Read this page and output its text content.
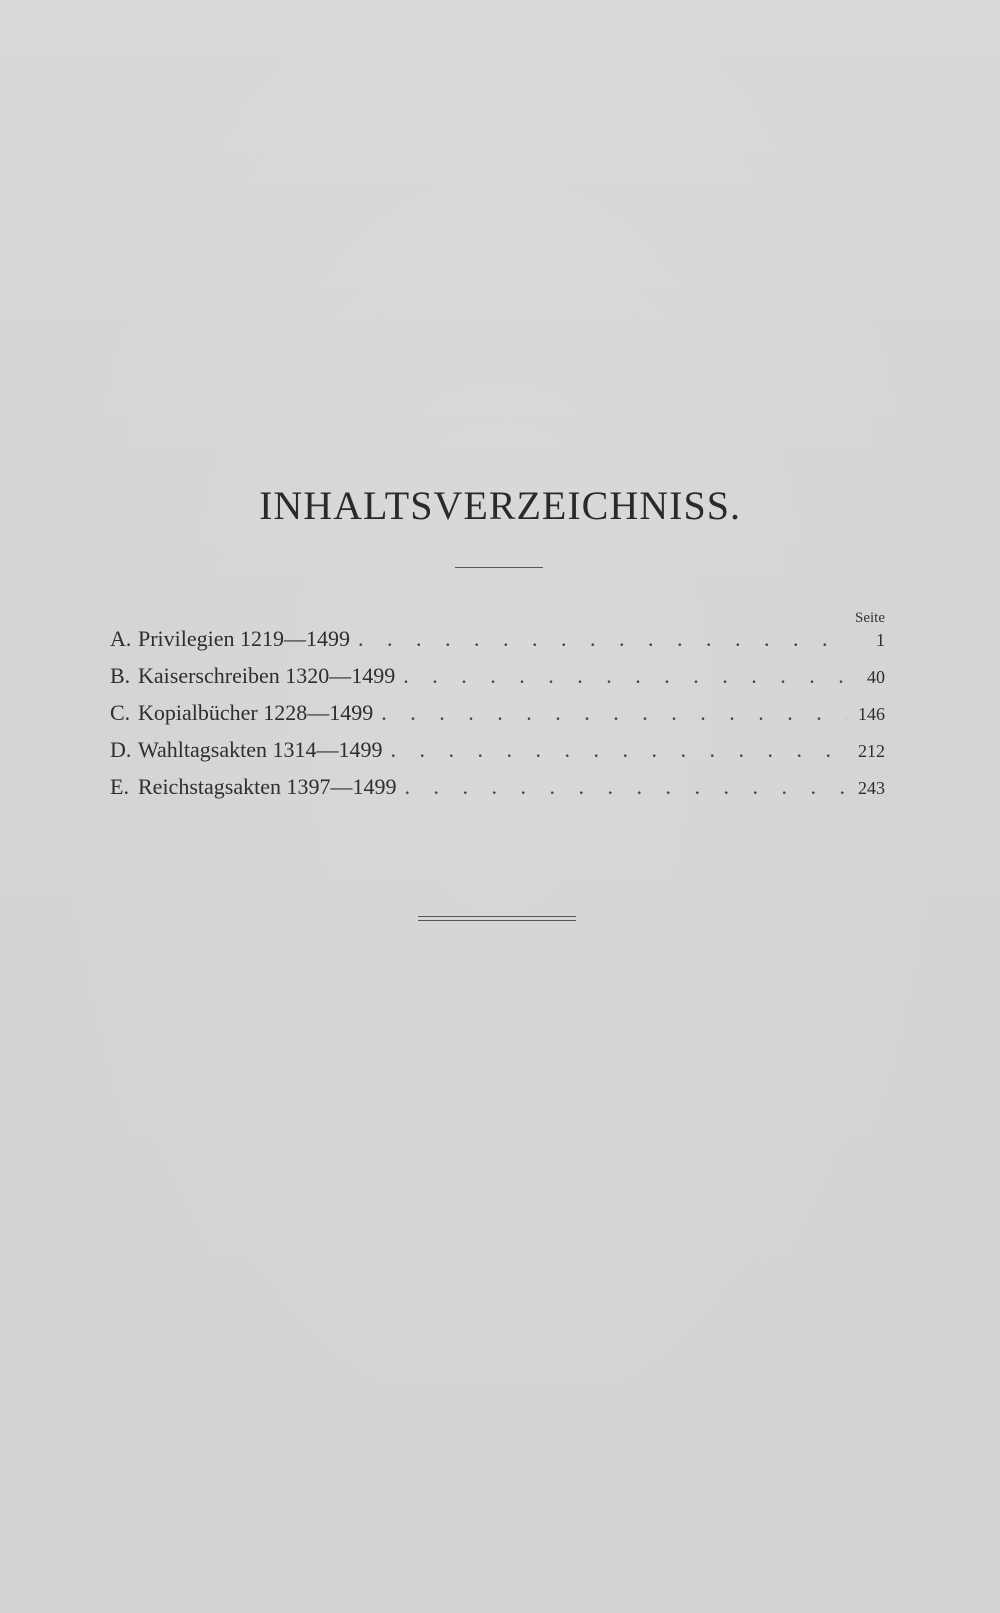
INHALTSVERZEICHNISS.
Seite
A. Privilegien 1219—1499 . . .	1
B. Kaiserschreiben 1320—1499 . . .	40
C. Kopialbücher 1228—1499 . . .	146
D. Wahltagsakten 1314—1499 . . .	212
E. Reichstagsakten 1397—1499 . . .	243
